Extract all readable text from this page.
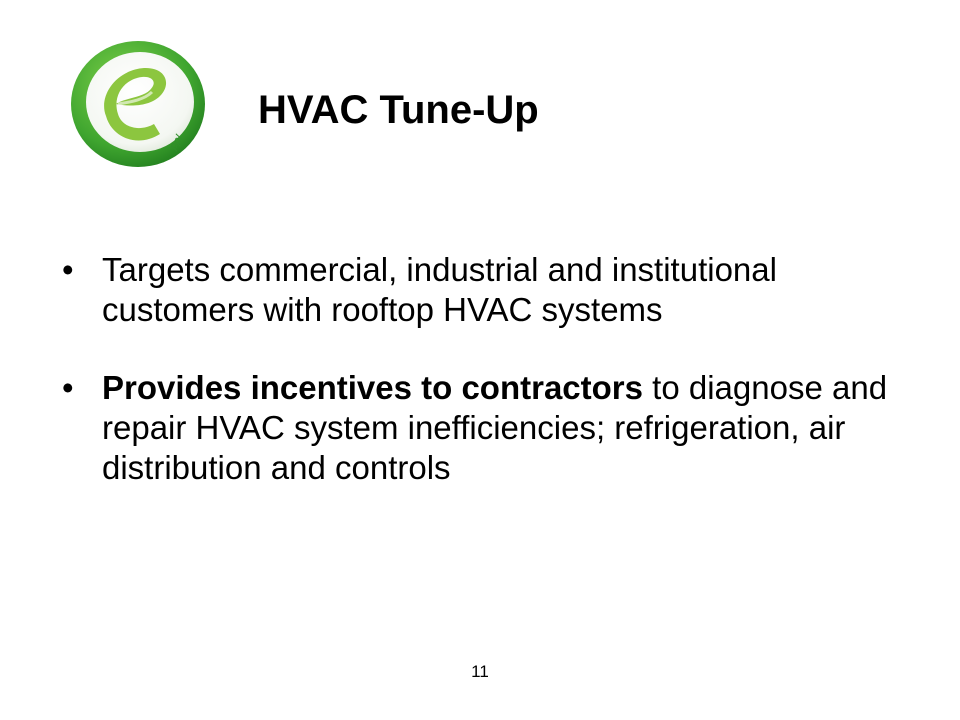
ppl
HVAC Tune-Up
• Targets commercial, industrial and institutional customers with rooftop HVAC systems
• Provides incentives to contractors to diagnose and repair HVAC system inefficiencies; refrigeration, air distribution and controls
11
